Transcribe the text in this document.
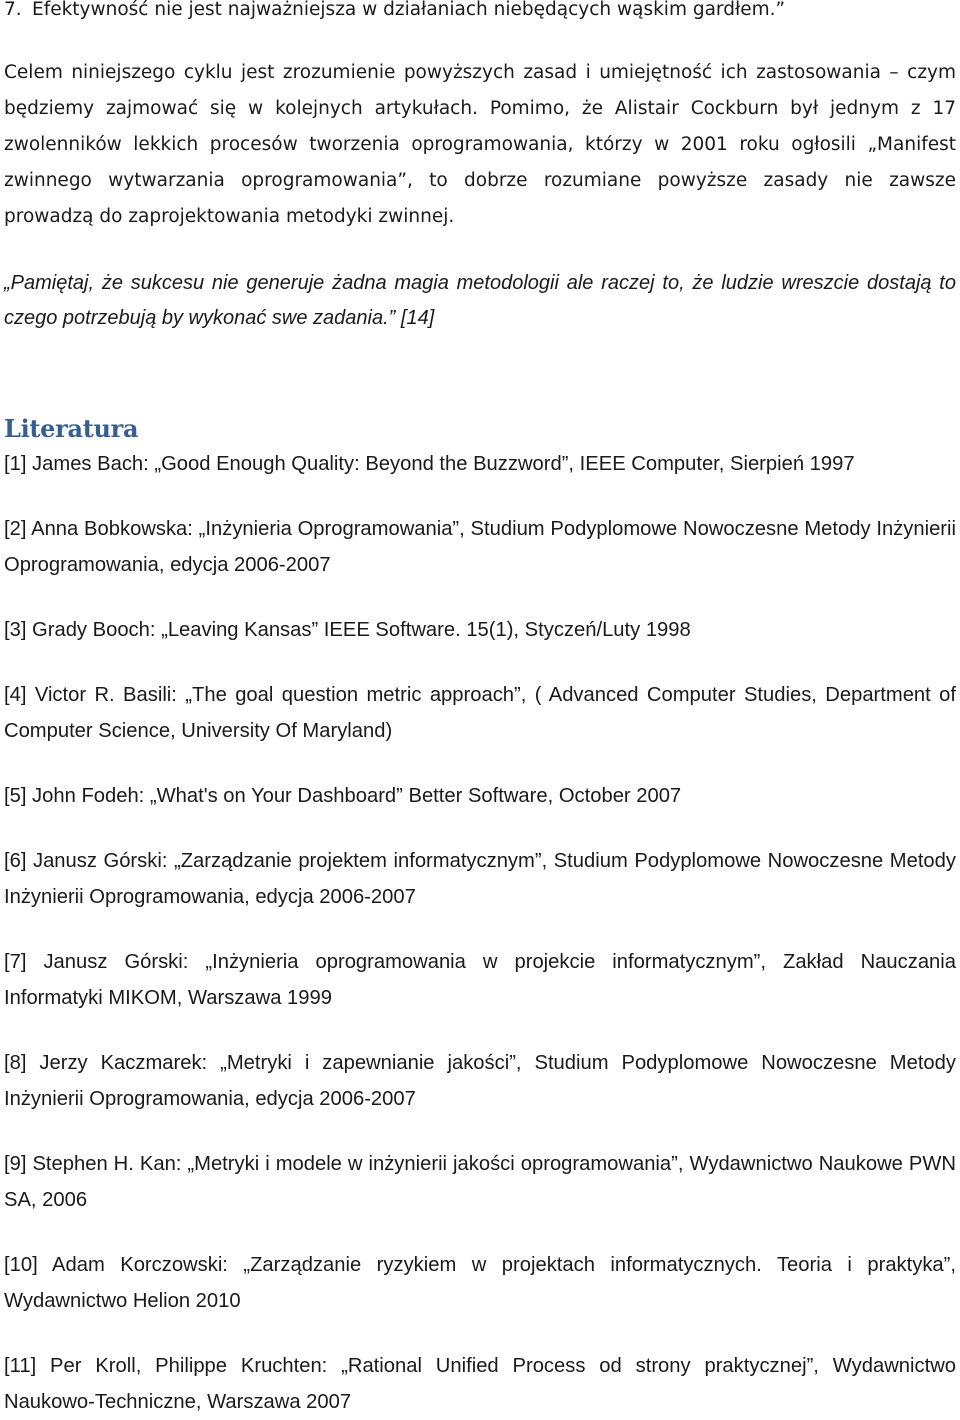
7. Efektywność nie jest najważniejsza w działaniach niebędących wąskim gardłem.”

Celem niniejszego cyklu jest zrozumienie powyższych zasad i umiejętność ich zastosowania – czym będziemy zajmować się w kolejnych artykułach. Pomimo, że Alistair Cockburn był jednym z 17 zwolenników lekkich procesów tworzenia oprogramowania, którzy w 2001 roku ogłosili „Manifest zwinnego wytwarzania oprogramowania”, to dobrze rozumiane powyższe zasady nie zawsze prowadzą do zaprojektowania metodyki zwinnej.

„Pamiętaj, że sukcesu nie generuje żadna magia metodologii ale raczej to, że ludzie wreszcie dostają to czego potrzebują by wykonać swe zadania.” [14]

Literatura

[1] James Bach: „Good Enough Quality: Beyond the Buzzword”, IEEE Computer, Sierpień 1997

[2] Anna Bobkowska: „Inżynieria Oprogramowania”, Studium Podyplomowe Nowoczesne Metody Inżynierii Oprogramowania, edycja 2006-2007

[3] Grady Booch: „Leaving Kansas” IEEE Software. 15(1), Styczeń/Luty 1998

[4] Victor R. Basili: „The goal question metric approach”, ( Advanced Computer Studies, Department of Computer Science, University Of Maryland)

[5] John Fodeh: „What's on Your Dashboard” Better Software, October 2007

[6] Janusz Górski: „Zarządzanie projektem informatycznym”, Studium Podyplomowe Nowoczesne Metody Inżynierii Oprogramowania, edycja 2006-2007

[7] Janusz Górski: „Inżynieria oprogramowania w projekcie informatycznym”, Zakład Nauczania Informatyki MIKOM, Warszawa 1999

[8] Jerzy Kaczmarek: „Metryki i zapewnianie jakości”, Studium Podyplomowe Nowoczesne Metody Inżynierii Oprogramowania, edycja 2006-2007

[9] Stephen H. Kan: „Metryki i modele w inżynierii jakości oprogramowania”, Wydawnictwo Naukowe PWN SA, 2006

[10] Adam Korczowski: „Zarządzanie ryzykiem w projektach informatycznych. Teoria i praktyka”, Wydawnictwo Helion 2010

[11] Per Kroll, Philippe Kruchten: „Rational Unified Process od strony praktycznej”, Wydawnictwo Naukowo-Techniczne, Warszawa 2007
